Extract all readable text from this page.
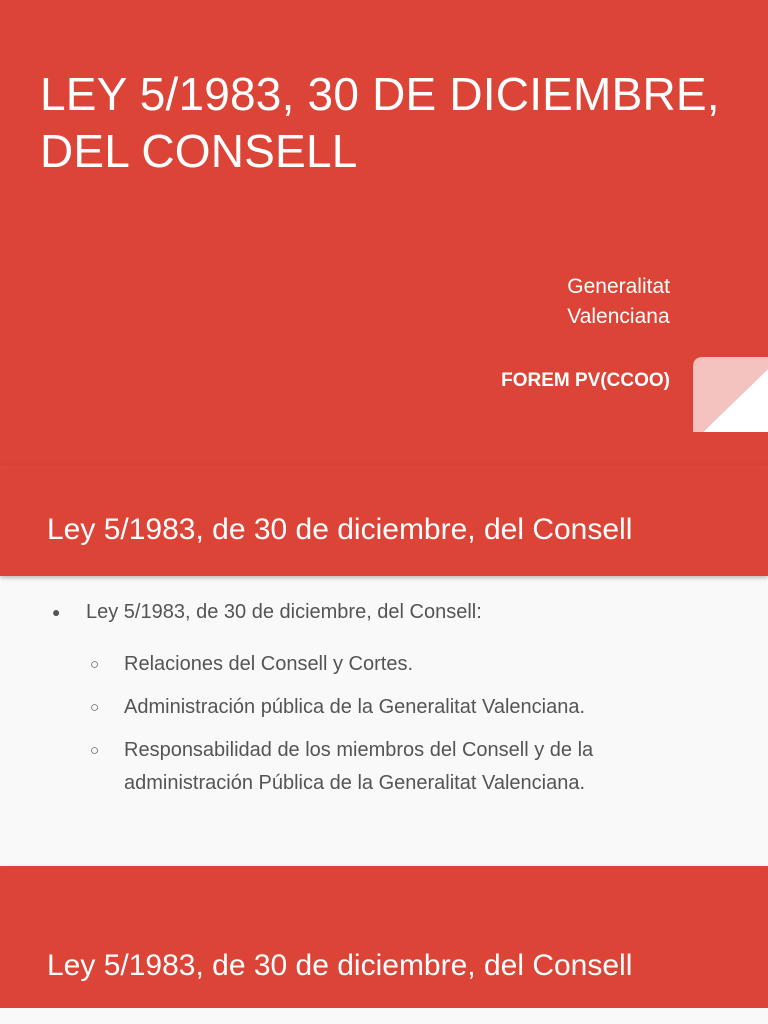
LEY 5/1983, 30 DE DICIEMBRE, DEL CONSELL
Generalitat
Valenciana
FOREM PV(CCOO)
Ley 5/1983, de 30 de diciembre, del Consell
● Ley 5/1983, de 30 de diciembre, del Consell:
○ Relaciones del Consell y Cortes.
○ Administración pública de la Generalitat Valenciana.
○ Responsabilidad de los miembros del Consell y de la administración Pública de la Generalitat Valenciana.
Ley 5/1983, de 30 de diciembre, del Consell
